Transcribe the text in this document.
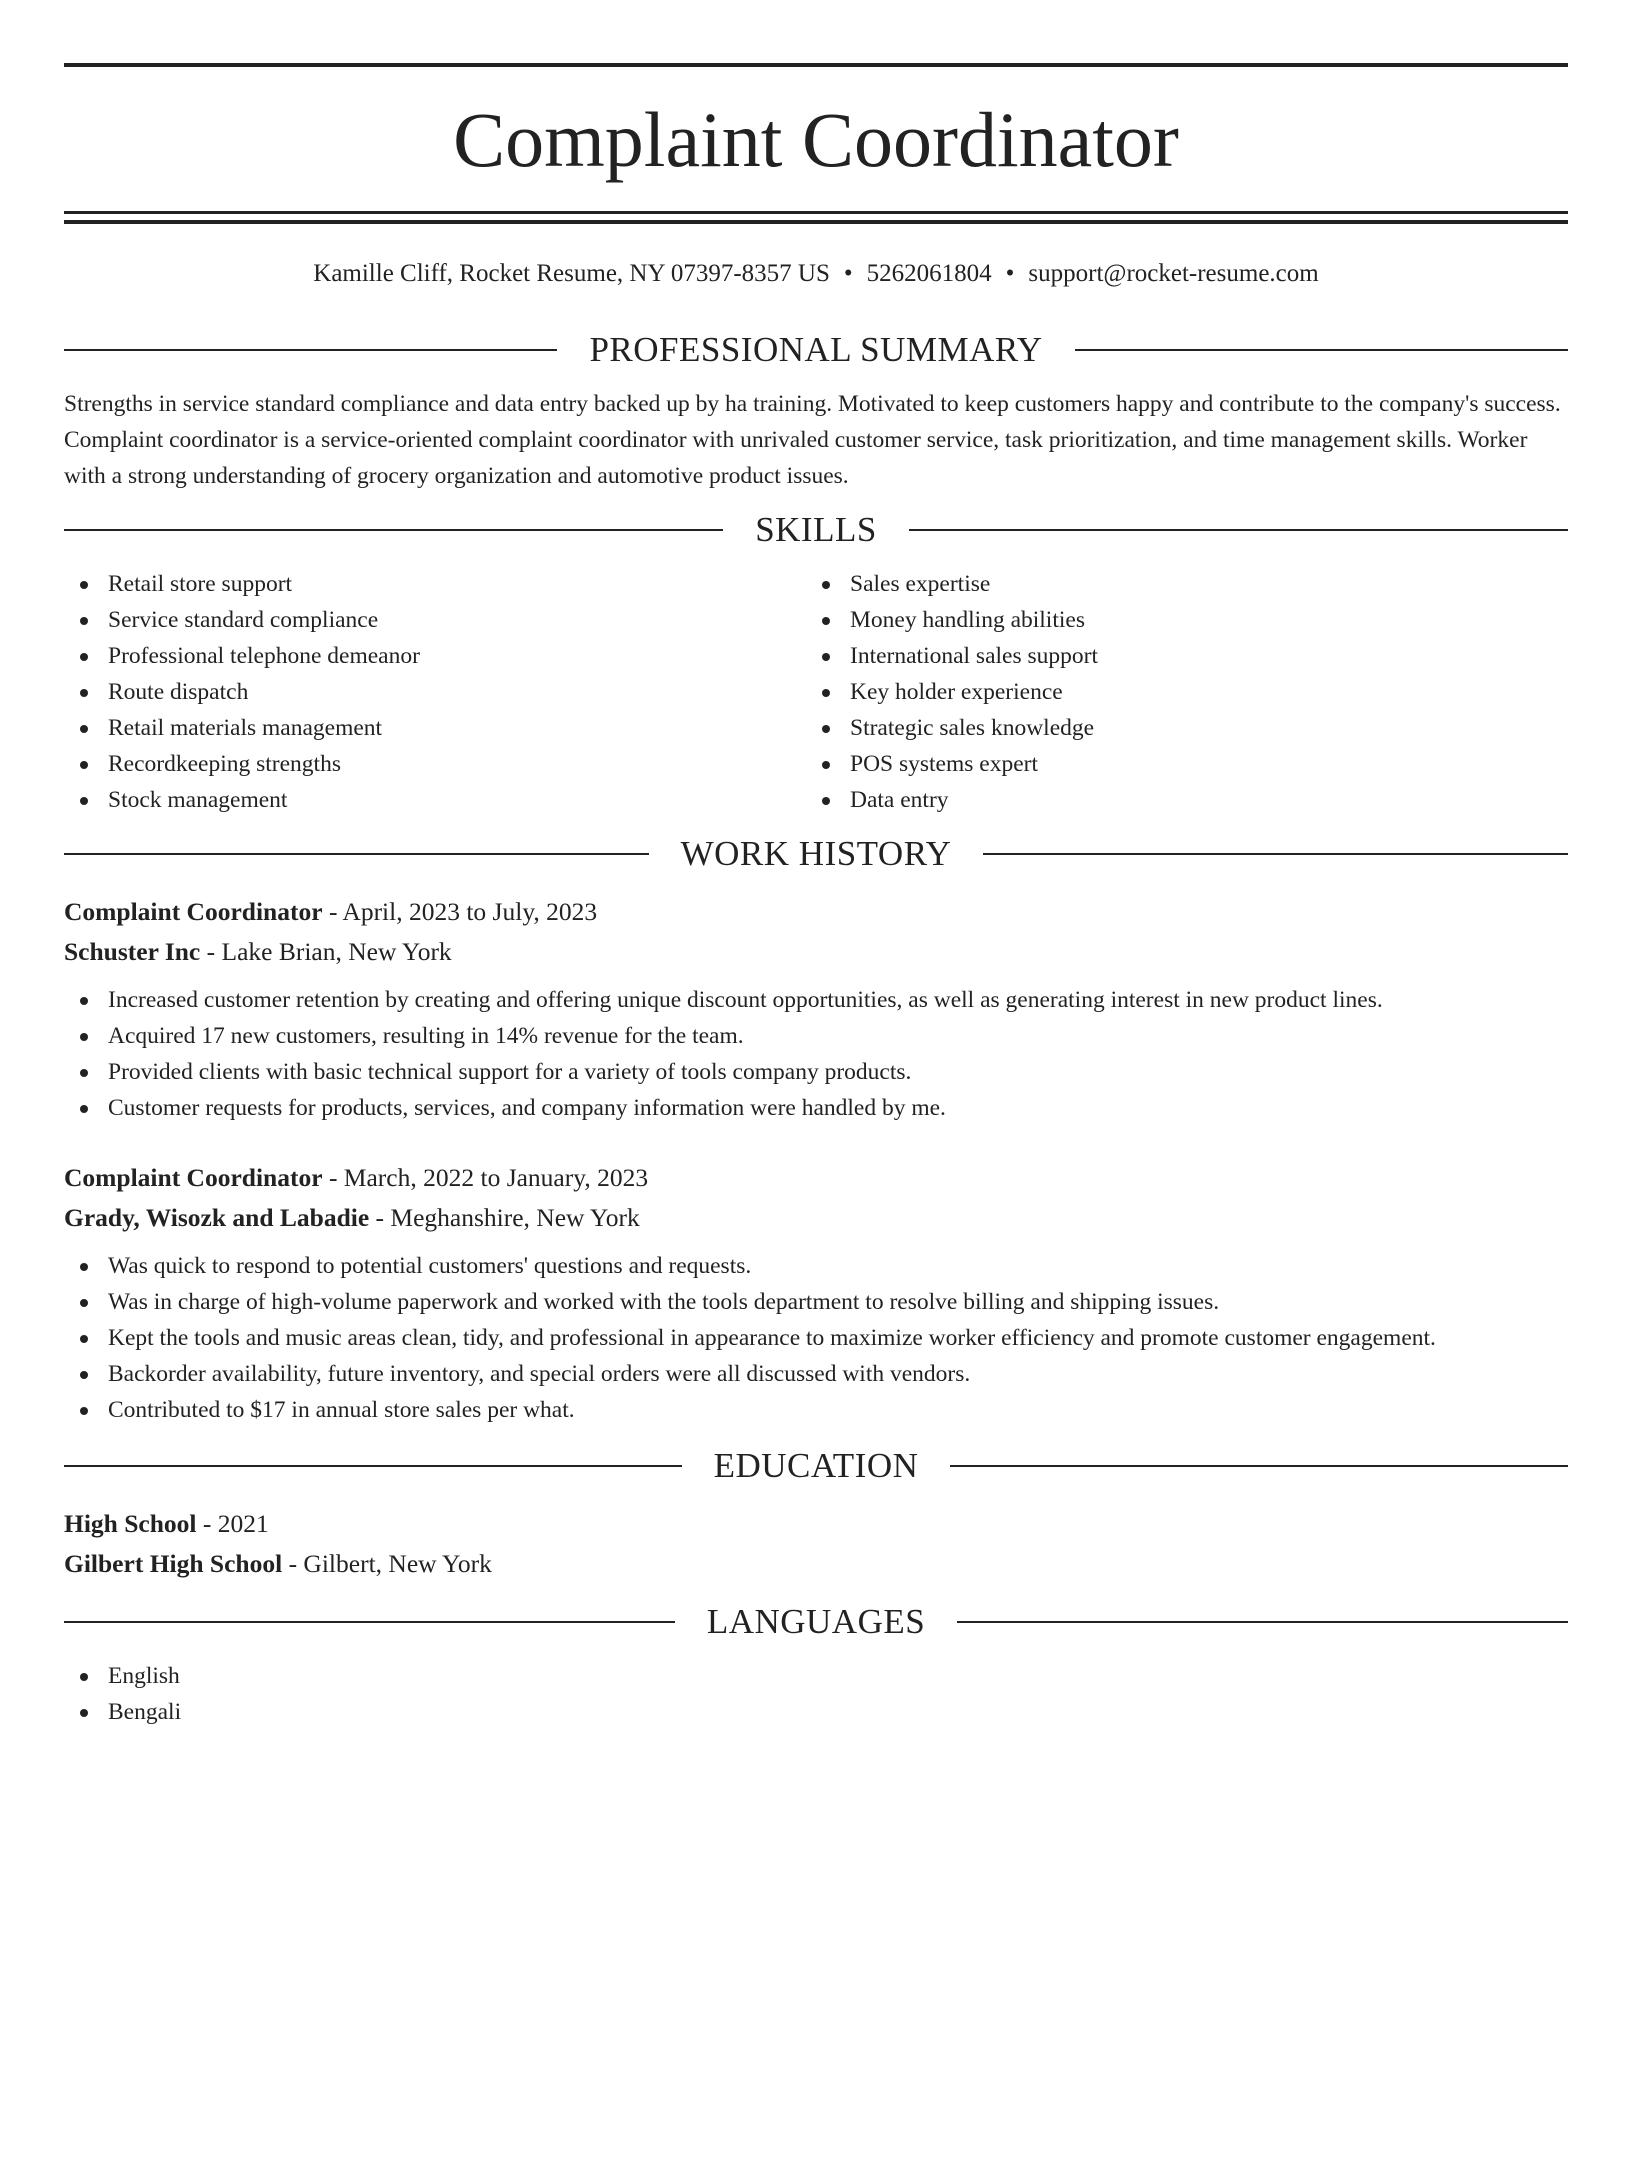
Complaint Coordinator
Kamille Cliff, Rocket Resume, NY 07397-8357 US • 5262061804 • support@rocket-resume.com
PROFESSIONAL SUMMARY
Strengths in service standard compliance and data entry backed up by ha training. Motivated to keep customers happy and contribute to the company's success. Complaint coordinator is a service-oriented complaint coordinator with unrivaled customer service, task prioritization, and time management skills. Worker with a strong understanding of grocery organization and automotive product issues.
SKILLS
Retail store support
Service standard compliance
Professional telephone demeanor
Route dispatch
Retail materials management
Recordkeeping strengths
Stock management
Sales expertise
Money handling abilities
International sales support
Key holder experience
Strategic sales knowledge
POS systems expert
Data entry
WORK HISTORY
Complaint Coordinator - April, 2023 to July, 2023
Schuster Inc - Lake Brian, New York
Increased customer retention by creating and offering unique discount opportunities, as well as generating interest in new product lines.
Acquired 17 new customers, resulting in 14% revenue for the team.
Provided clients with basic technical support for a variety of tools company products.
Customer requests for products, services, and company information were handled by me.
Complaint Coordinator - March, 2022 to January, 2023
Grady, Wisozk and Labadie - Meghanshire, New York
Was quick to respond to potential customers' questions and requests.
Was in charge of high-volume paperwork and worked with the tools department to resolve billing and shipping issues.
Kept the tools and music areas clean, tidy, and professional in appearance to maximize worker efficiency and promote customer engagement.
Backorder availability, future inventory, and special orders were all discussed with vendors.
Contributed to $17 in annual store sales per what.
EDUCATION
High School - 2021
Gilbert High School - Gilbert, New York
LANGUAGES
English
Bengali
